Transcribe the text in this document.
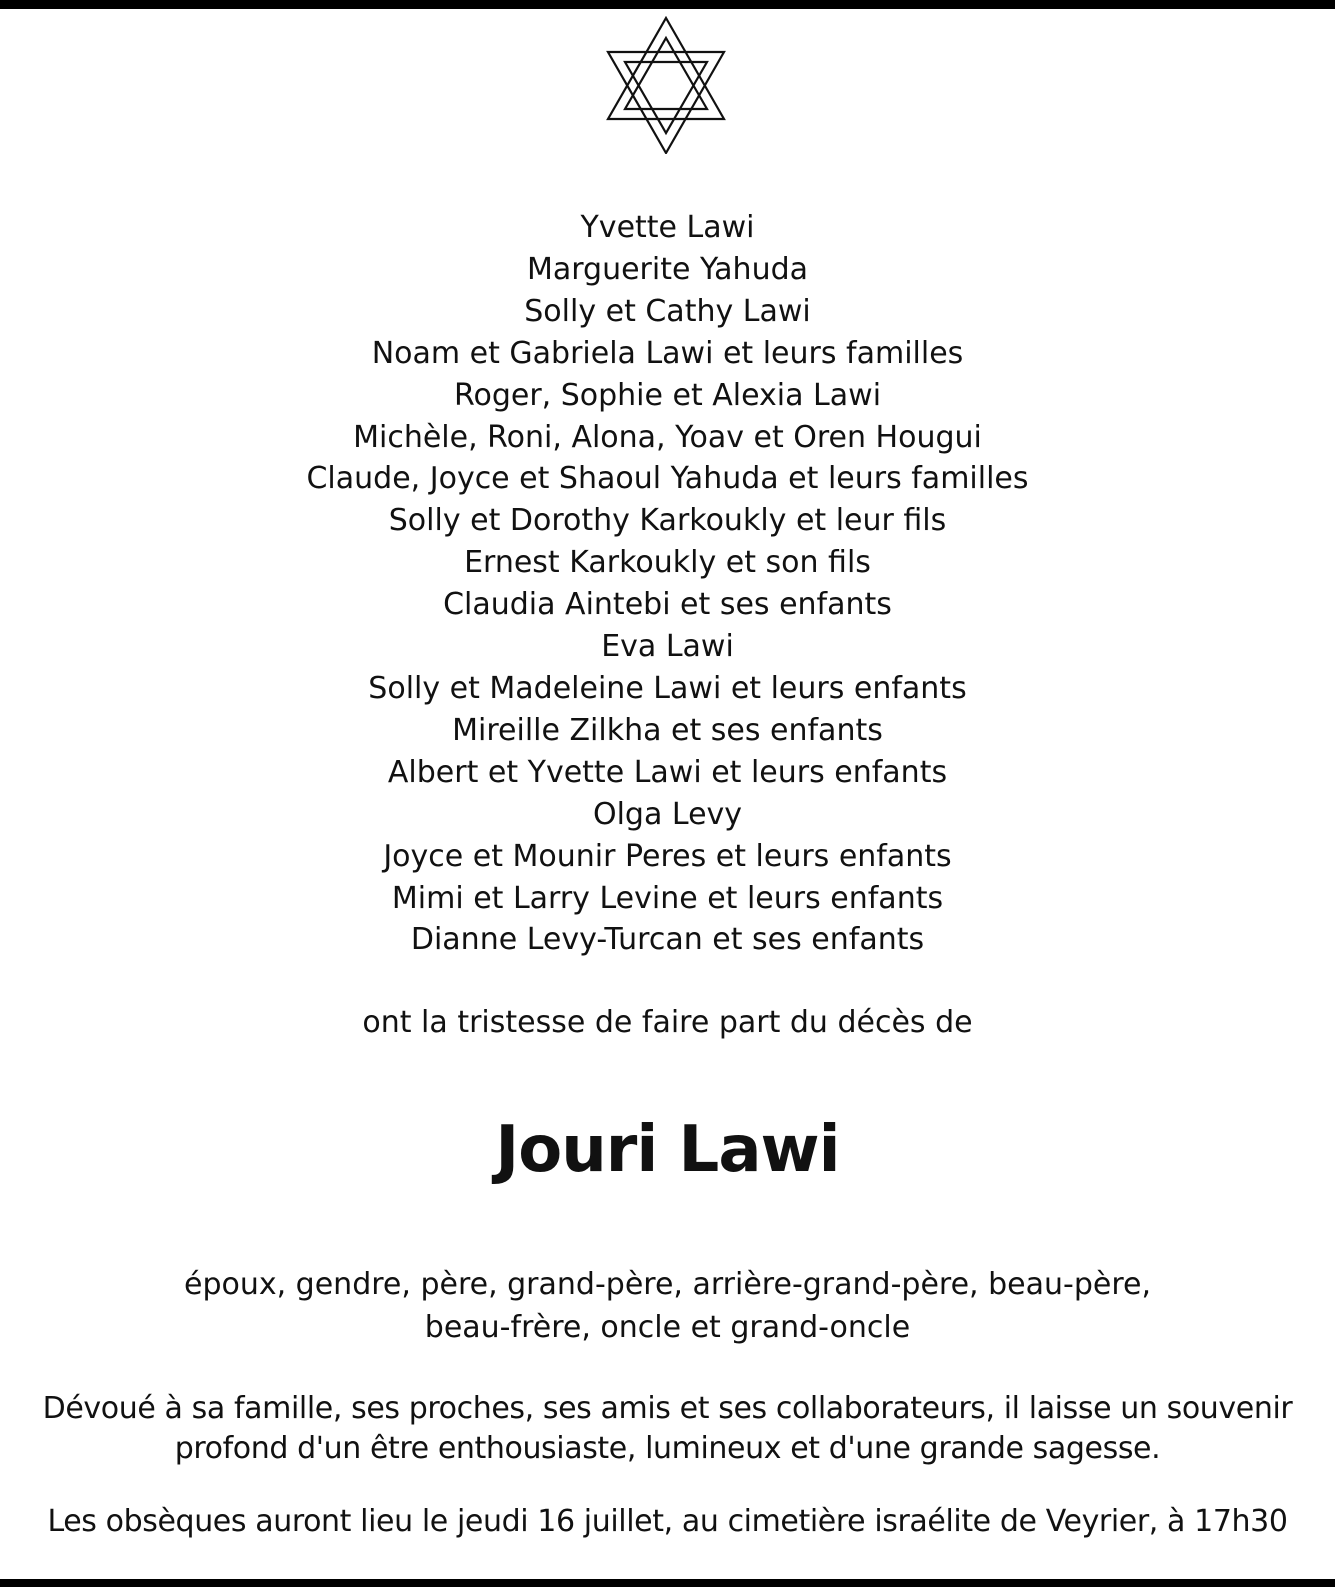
Yvette Lawi
Marguerite Yahuda
Solly et Cathy Lawi
Noam et Gabriela Lawi et leurs familles
Roger, Sophie et Alexia Lawi
Michèle, Roni, Alona, Yoav et Oren Hougui
Claude, Joyce et Shaoul Yahuda et leurs familles
Solly et Dorothy Karkoukly et leur fils
Ernest Karkoukly et son fils
Claudia Aintebi et ses enfants
Eva Lawi
Solly et Madeleine Lawi et leurs enfants
Mireille Zilkha et ses enfants
Albert et Yvette Lawi et leurs enfants
Olga Levy
Joyce et Mounir Peres et leurs enfants
Mimi et Larry Levine et leurs enfants
Dianne Levy-Turcan et ses enfants
ont la tristesse de faire part du décès de
Jouri Lawi
époux, gendre, père, grand-père, arrière-grand-père, beau-père,
beau-frère, oncle et grand-oncle
Dévoué à sa famille, ses proches, ses amis et ses collaborateurs, il laisse un souvenir
profond d'un être enthousiaste, lumineux et d'une grande sagesse.
Les obsèques auront lieu le jeudi 16 juillet, au cimetière israélite de Veyrier, à 17h30
